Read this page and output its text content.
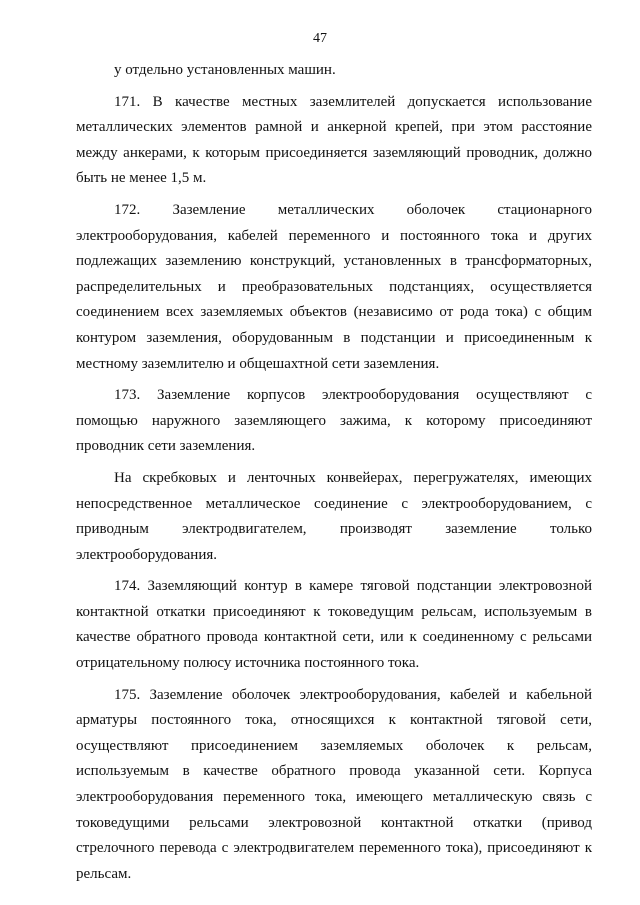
47

у отдельно установленных машин.

171. В качестве местных заземлителей допускается использование металлических элементов рамной и анкерной крепей, при этом расстояние между анкерами, к которым присоединяется заземляющий проводник, должно быть не менее 1,5 м.

172. Заземление металлических оболочек стационарного электрооборудования, кабелей переменного и постоянного тока и других подлежащих заземлению конструкций, установленных в трансформаторных, распределительных и преобразовательных подстанциях, осуществляется соединением всех заземляемых объектов (независимо от рода тока) с общим контуром заземления, оборудованным в подстанции и присоединенным к местному заземлителю и общешахтной сети заземления.

173. Заземление корпусов электрооборудования осуществляют с помощью наружного заземляющего зажима, к которому присоединяют проводник сети заземления.

На скребковых и ленточных конвейерах, перегружателях, имеющих непосредственное металлическое соединение с электрооборудованием, с приводным электродвигателем, производят заземление только электрооборудования.

174. Заземляющий контур в камере тяговой подстанции электровозной контактной откатки присоединяют к токоведущим рельсам, используемым в качестве обратного провода контактной сети, или к соединенному с рельсами отрицательному полюсу источника постоянного тока.

175. Заземление оболочек электрооборудования, кабелей и кабельной арматуры постоянного тока, относящихся к контактной тяговой сети, осуществляют присоединением заземляемых оболочек к рельсам, используемым в качестве обратного провода указанной сети. Корпуса электрооборудования переменного тока, имеющего металлическую связь с токоведущими рельсами электровозной контактной откатки (привод стрелочного перевода с электродвигателем переменного тока), присоединяют к рельсам.
